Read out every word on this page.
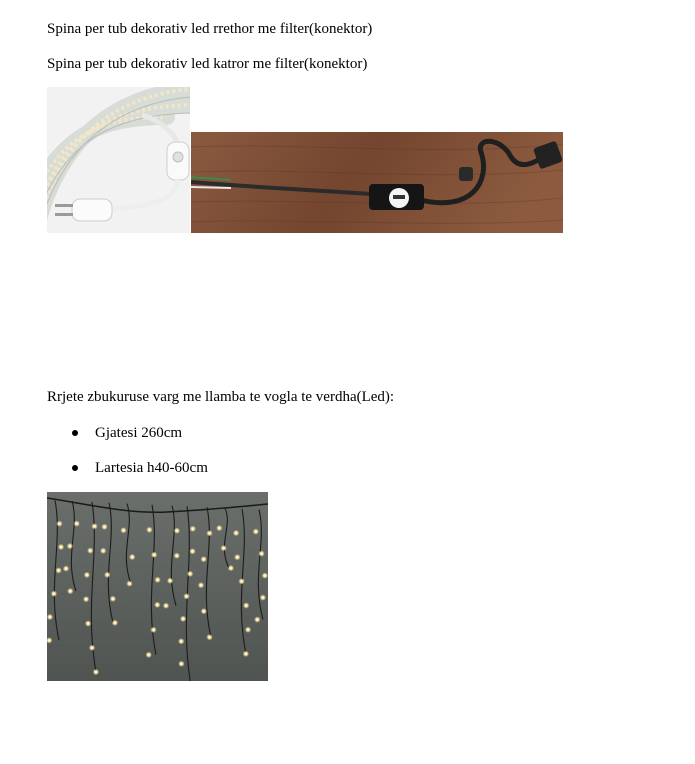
Spina per tub dekorativ led rrethor me filter(konektor)
Spina per tub dekorativ led katror me filter(konektor)
Rrjete zbukuruse varg me llamba te vogla te verdha(Led):
Gjatesi 260cm
Lartesia h40-60cm
